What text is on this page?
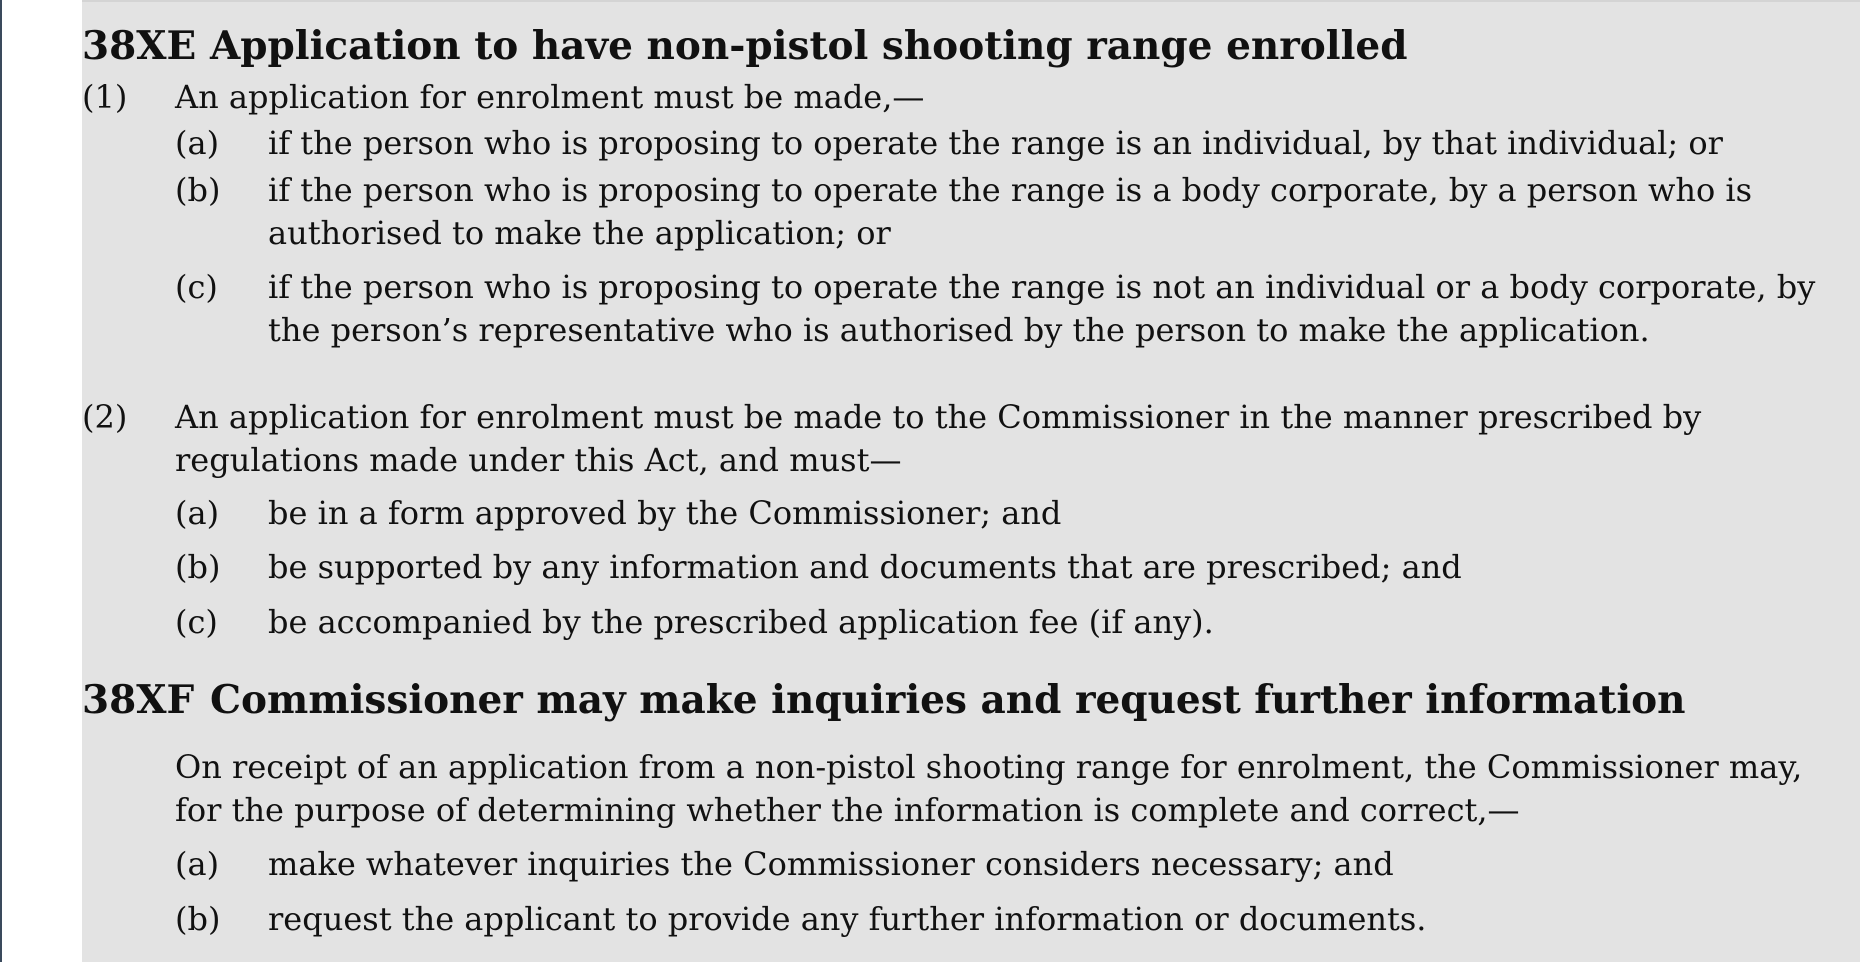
38XE Application to have non-pistol shooting range enrolled
(1) An application for enrolment must be made,—
(a) if the person who is proposing to operate the range is an individual, by that individual; or
(b) if the person who is proposing to operate the range is a body corporate, by a person who is
authorised to make the application; or
(c) if the person who is proposing to operate the range is not an individual or a body corporate, by
the person’s representative who is authorised by the person to make the application.
(2) An application for enrolment must be made to the Commissioner in the manner prescribed by
regulations made under this Act, and must—
(a) be in a form approved by the Commissioner; and
(b) be supported by any information and documents that are prescribed; and
(c) be accompanied by the prescribed application fee (if any).
38XF Commissioner may make inquiries and request further information
On receipt of an application from a non-pistol shooting range for enrolment, the Commissioner may,
for the purpose of determining whether the information is complete and correct,—
(a) make whatever inquiries the Commissioner considers necessary; and
(b) request the applicant to provide any further information or documents.
